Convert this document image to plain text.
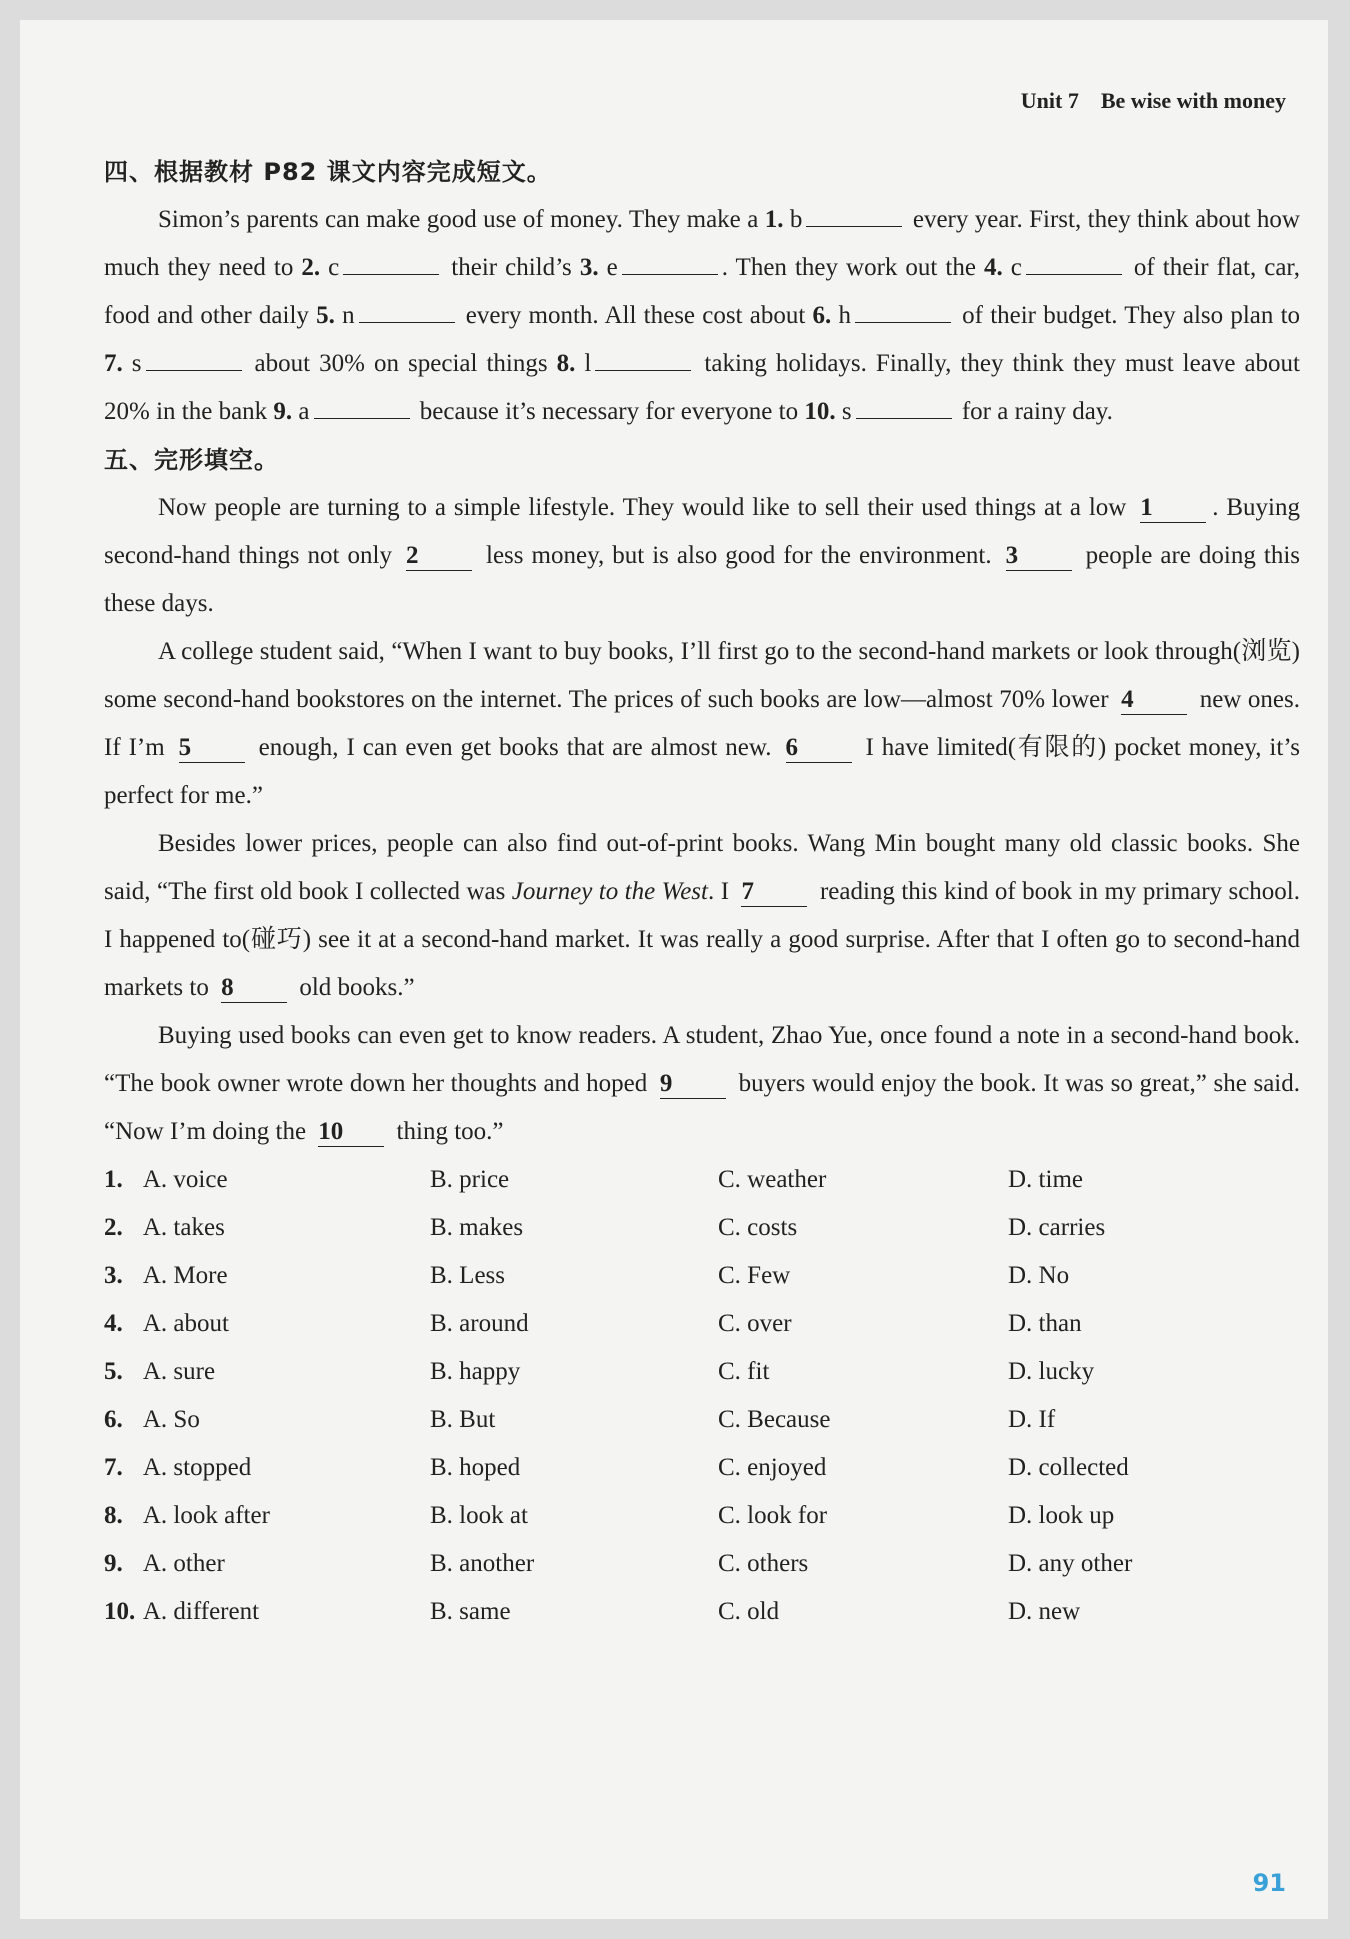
Unit 7 Be wise with money
四、根据教材 P82 课文内容完成短文。

Simon’s parents can make good use of money. They make a 1. b	every year. First, they think about how much they need to 2. c	their child’s 3. e	. Then they work out the 4. c	of their flat, car, food and other daily 5. n	every month. All these cost about 6. h	of their budget. They also plan to 7. s	about 30% on special things 8. l	taking holidays. Finally, they think they must leave about 20% in the bank 9. a	because it’s necessary for everyone to 10. s	for a rainy day.

五、完形填空。

Now people are turning to a simple lifestyle. They would like to sell their used things at a low 1 . Buying second-hand things not only 2 less money, but is also good for the environment. 3 people are doing this these days.

A college student said, “When I want to buy books, I’ll first go to the second-hand markets or look through(浏览) some second-hand bookstores on the internet. The prices of such books are low—almost 70% lower 4 new ones. If I’m 5 enough, I can even get books that are almost new. 6 I have limited(有限的) pocket money, it’s perfect for me.”

Besides lower prices, people can also find out-of-print books. Wang Min bought many old classic books. She said, “The first old book I collected was Journey to the West. I 7 reading this kind of book in my primary school. I happened to(碰巧) see it at a second-hand market. It was really a good surprise. After that I often go to second-hand markets to 8 old books.”

Buying used books can even get to know readers. A student, Zhao Yue, once found a note in a second-hand book. “The book owner wrote down her thoughts and hoped 9 buyers would enjoy the book. It was so great,” she said. “Now I’m doing the 10 thing too.”

1. A. voice	B. price	C. weather	D. time
2. A. takes	B. makes	C. costs	D. carries
3. A. More	B. Less	C. Few	D. No
4. A. about	B. around	C. over	D. than
5. A. sure	B. happy	C. fit	D. lucky
6. A. So	B. But	C. Because	D. If
7. A. stopped	B. hoped	C. enjoyed	D. collected
8. A. look after	B. look at	C. look for	D. look up
9. A. other	B. another	C. others	D. any other
10. A. different	B. same	C. old	D. new
91
